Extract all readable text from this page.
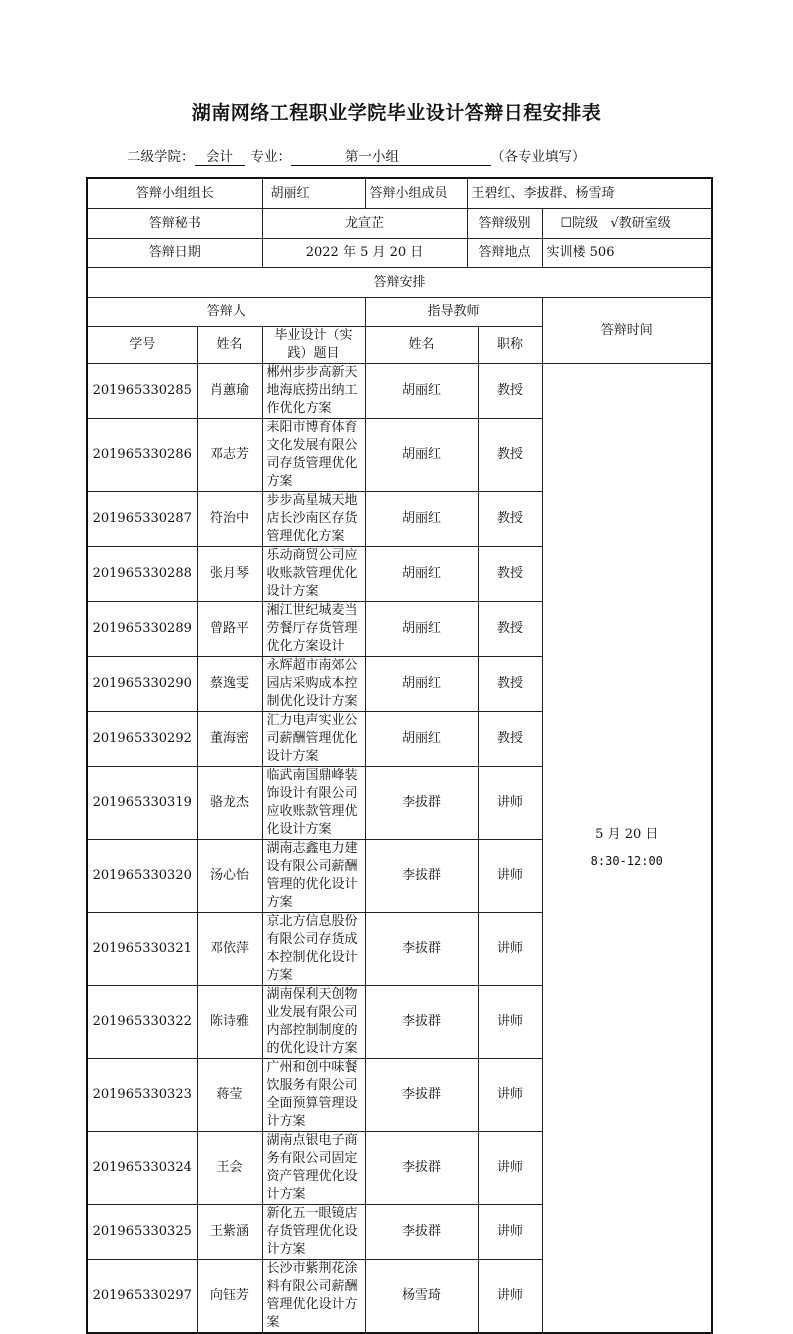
湖南网络工程职业学院毕业设计答辩日程安排表
二级学院： 会计 专业：	第一小组	（各专业填写）
答辩小组组长		胡丽红	答辩小组成员	王碧红、李拔群、杨雪琦		
答辩秘书		龙宣芷		答辩级别		☐院级 √教研室级
答辩日期		2022 年 5 月 20 日		答辩地点		实训楼 506
答辩安排						
答辩人			指导教师			答辩时间
学号	姓名	毕业设计（实践）题目	姓名		职称	
201965330285	肖蕙瑜	郴州步步高新天地海底捞出纳工作优化方案	胡丽红		教授	5 月 20 日
8:30-12:00

201965330286	邓志芳	耒阳市博育体育文化发展有限公司存货管理优化方案	胡丽红		教授	
201965330287	符治中	步步高星城天地店长沙南区存货管理优化方案	胡丽红		教授	
201965330288	张月琴	乐动商贸公司应收账款管理优化设计方案	胡丽红		教授	
201965330289	曾路平	湘江世纪城麦当劳餐厅存货管理优化方案设计	胡丽红		教授	
201965330290	蔡逸雯	永辉超市南郊公园店采购成本控制优化设计方案	胡丽红		教授	
201965330292	董海密	汇力电声实业公司薪酬管理优化设计方案	胡丽红		教授	
201965330319	骆龙杰	临武南国鼎峰装饰设计有限公司应收账款管理优化设计方案	李拔群		讲师	
201965330320	汤心怡	湖南志鑫电力建设有限公司薪酬管理的优化设计方案	李拔群		讲师	
201965330321	邓依萍	京北方信息股份有限公司存货成本控制优化设计方案	李拔群		讲师	
201965330322	陈诗雅	湖南保利天创物业发展有限公司内部控制制度的的优化设计方案	李拔群		讲师	
201965330323	蒋莹	广州和创中味餐饮服务有限公司全面预算管理设计方案	李拔群		讲师	
201965330324	王会	湖南点银电子商务有限公司固定资产管理优化设计方案	李拔群		讲师	
201965330325	王紫涵	新化五一眼镜店存货管理优化设计方案	李拔群		讲师	
201965330297	向钰芳	长沙市紫荆花涂料有限公司薪酬管理优化设计方案	杨雪琦		讲师	
